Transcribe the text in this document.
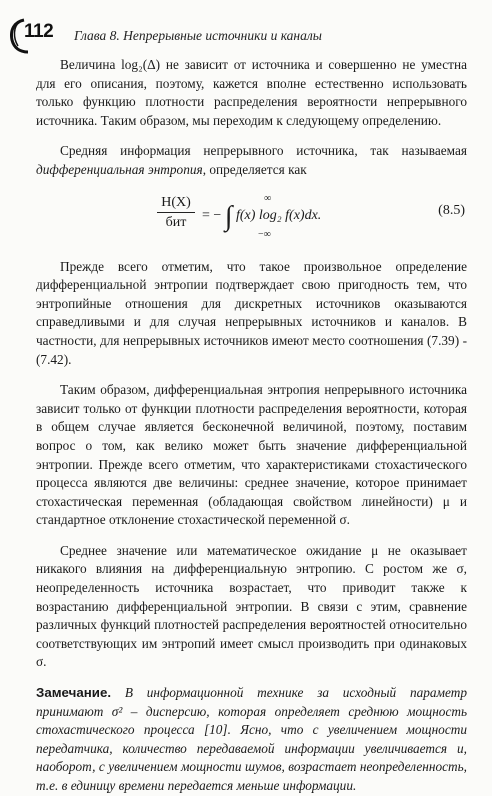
112 Глава 8. Непрерывные источники и каналы

Величина log₂(Δ) не зависит от источника и совершенно не уместна для его описания, поэтому, кажется вполне естественно использовать только функцию плотности распределения вероятности непрерывного источника. Таким образом, мы переходим к следующему определению.

Средняя информация непрерывного источника, так называемая дифференциальная энтропия, определяется как

H(X)
бит	= − ∫ f(x) log₂ f(x)dx.
∞
−∞
(8.5)

Прежде всего отметим, что такое произвольное определение дифференциальной энтропии подтверждает свою пригодность тем, что энтропийные отношения для дискретных источников оказываются справедливыми и для случая непрерывных источников и каналов. В частности, для непрерывных источников имеют место соотношения (7.39) - (7.42).

Таким образом, дифференциальная энтропия непрерывного источника зависит только от функции плотности распределения вероятности, которая в общем случае является бесконечной величиной, поэтому, поставим вопрос о том, как велико может быть значение дифференциальной энтропии. Прежде всего отметим, что характеристиками стохастического процесса являются две величины: среднее значение, которое принимает стохастическая переменная (обладающая свойством линейности) μ и стандартное отклонение стохастической переменной σ.

Среднее значение или математическое ожидание μ не оказывает никакого влияния на дифференциальную энтропию. С ростом же σ, неопределенность источника возрастает, что приводит также к возрастанию дифференциальной энтропии. В связи с этим, сравнение различных функций плотностей распределения вероятностей относительно соответствующих им энтропий имеет смысл производить при одинаковых σ.

Замечание. В информационной технике за исходный параметр принимают σ² – дисперсию, которая определяет среднюю мощность стохастического процесса [10]. Ясно, что с увеличением мощности передатчика, количество передаваемой информации увеличивается и, наоборот, с увеличением мощности шумов, возрастает неопределенность, т.е. в единицу времени передается меньше информации.
